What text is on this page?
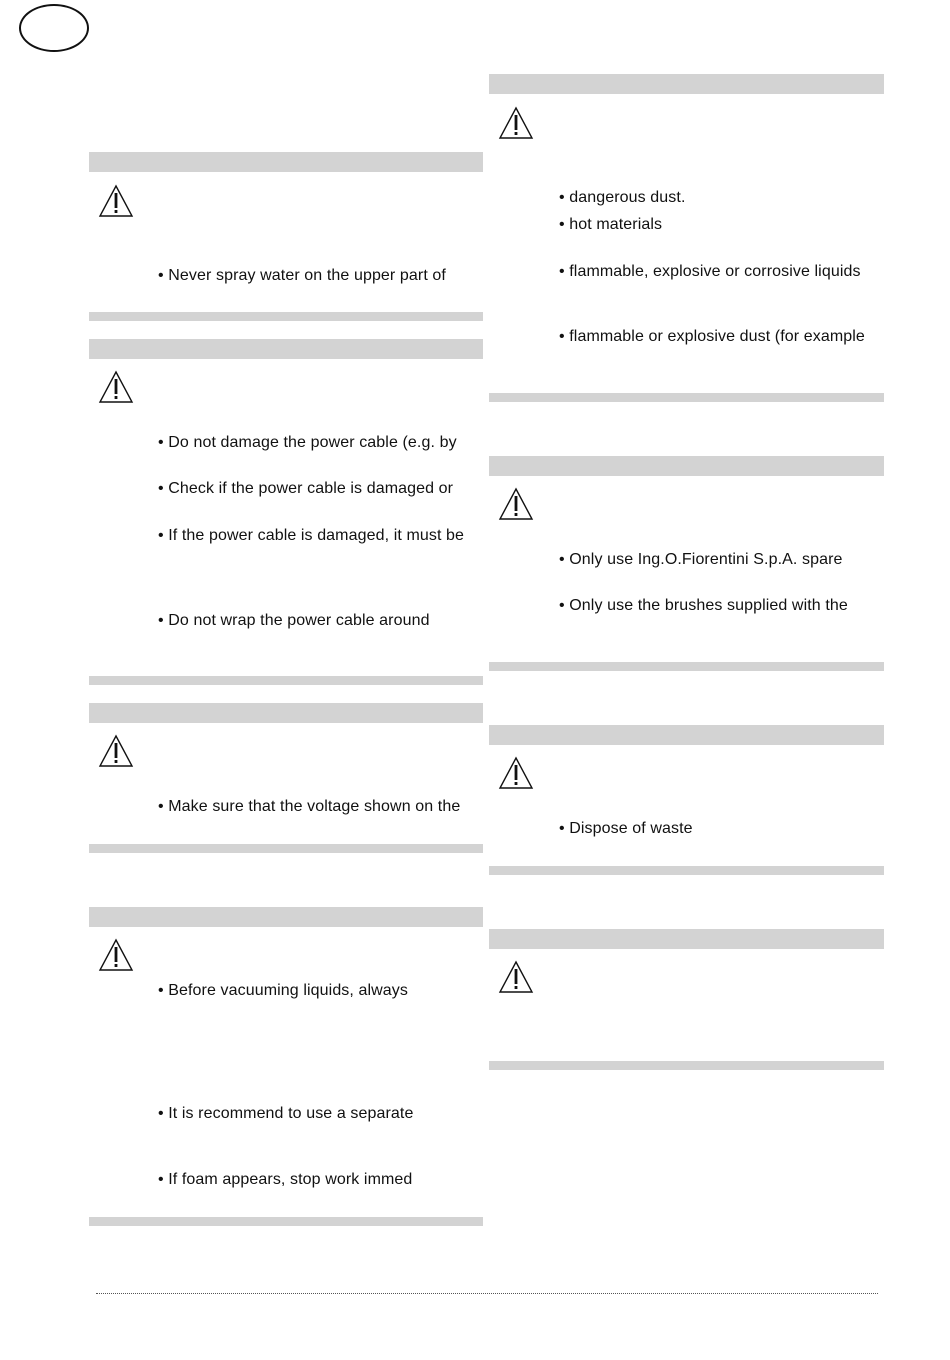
• Never spray water on the upper part of
• Do not damage the power cable (e.g. by
• Check if the power cable is damaged or
• If the power cable is damaged, it must be
• Do not wrap the power cable around
• Make sure that the voltage shown on the
• Before vacuuming liquids, always
• It is recommend to use a separate
• If foam appears, stop work immed
• dangerous dust.
• hot materials
• flammable, explosive or corrosive liquids
• flammable or explosive dust (for example
• Only use Ing.O.Fiorentini S.p.A. spare
• Only use the brushes supplied with the
• Dispose of waste
